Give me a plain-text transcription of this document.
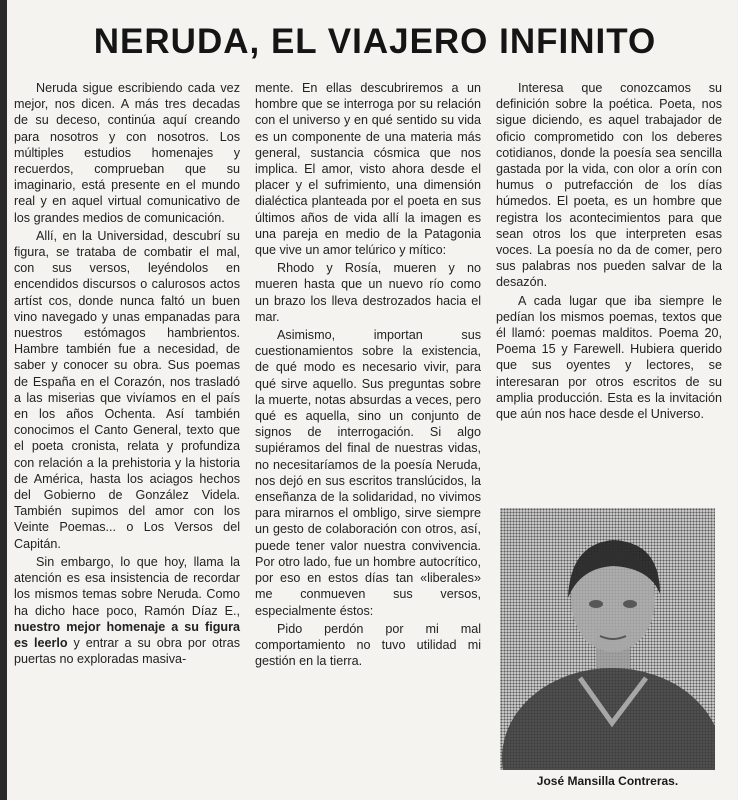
NERUDA, EL VIAJERO INFINITO

Neruda sigue escribiendo cada vez mejor, nos dicen. A más tres decadas de su deceso, continúa aquí creando para nosotros y con nosotros. Los múltiples estudios homenajes y recuerdos, comprueban que su imaginario, está presente en el mundo real y en aquel virtual comunicativo de los grandes medios de comunicación.

Allí, en la Universidad, descubrí su figura, se trataba de combatir el mal, con sus versos, leyéndolos en encendidos discursos o calurosos actos artíst cos, donde nunca faltó un buen vino navegado y unas empanadas para nuestros estómagos hambrientos. Hambre también fue a necesidad, de saber y conocer su obra. Sus poemas de España en el Corazón, nos trasladó a las miserias que vivíamos en el país en los años Ochenta. Así también conocimos el Canto General, texto que el poeta cronista, relata y profundiza con relación a la prehistoria y la historia de América, hasta los aciagos hechos del Gobierno de González Videla. También supimos del amor con los Veinte Poemas... o Los Versos del Capitán.

Sin embargo, lo que hoy, llama la atención es esa insistencia de recordar los mismos temas sobre Neruda. Como ha dicho hace poco, Ramón Díaz E., nuestro mejor homenaje a su figura es leerlo y entrar a su obra por otras puertas no exploradas masiva-

mente. En ellas descubriremos a un hombre que se interroga por su relación con el universo y en qué sentido su vida es un componente de una materia más general, sustancia cósmica que nos implica. El amor, visto ahora desde el placer y el sufrimiento, una dimensión dialéctica planteada por el poeta en sus últimos años de vida allí la imagen es una pareja en medio de la Patagonia que vive un amor telúrico y mítico:

Rhodo y Rosía, mueren y no mueren hasta que un nuevo río como un brazo los lleva destrozados hacia el mar.

Asimismo, importan sus cuestionamientos sobre la existencia, de qué modo es necesario vivir, para qué sirve aquello. Sus preguntas sobre la muerte, notas absurdas a veces, pero qué es aquella, sino un conjunto de signos de interrogación. Si algo supiéramos del final de nuestras vidas, no necesitaríamos de la poesía Neruda, nos dejó en sus escritos translúcidos, la enseñanza de la solidaridad, no vivimos para mirarnos el ombligo, sirve siempre un gesto de colaboración con otros, así, puede tener valor nuestra convivencia. Por otro lado, fue un hombre autocrítico, por eso en estos días tan «liberales» me conmueven sus versos, especialmente éstos:

Pido perdón por mi mal comportamiento no tuvo utilidad mi gestión en la tierra.

Interesa que conozcamos su definición sobre la poética. Poeta, nos sigue diciendo, es aquel trabajador de oficio comprometido con los deberes cotidianos, donde la poesía sea sencilla gastada por la vida, con olor a orín con humus o putrefacción de los días húmedos. El poeta, es un hombre que registra los acontecimientos para que sean otros los que interpreten esas voces. La poesía no da de comer, pero sus palabras nos pueden salvar de la desazón.

A cada lugar que iba siempre le pedían los mismos poemas, textos que él llamó: poemas malditos. Poema 20, Poema 15 y Farewell. Hubiera querido que sus oyentes y lectores, se interesaran por otros escritos de su amplia producción. Esta es la invitación que aún nos hace desde el Universo.

José Mansilla Contreras.
